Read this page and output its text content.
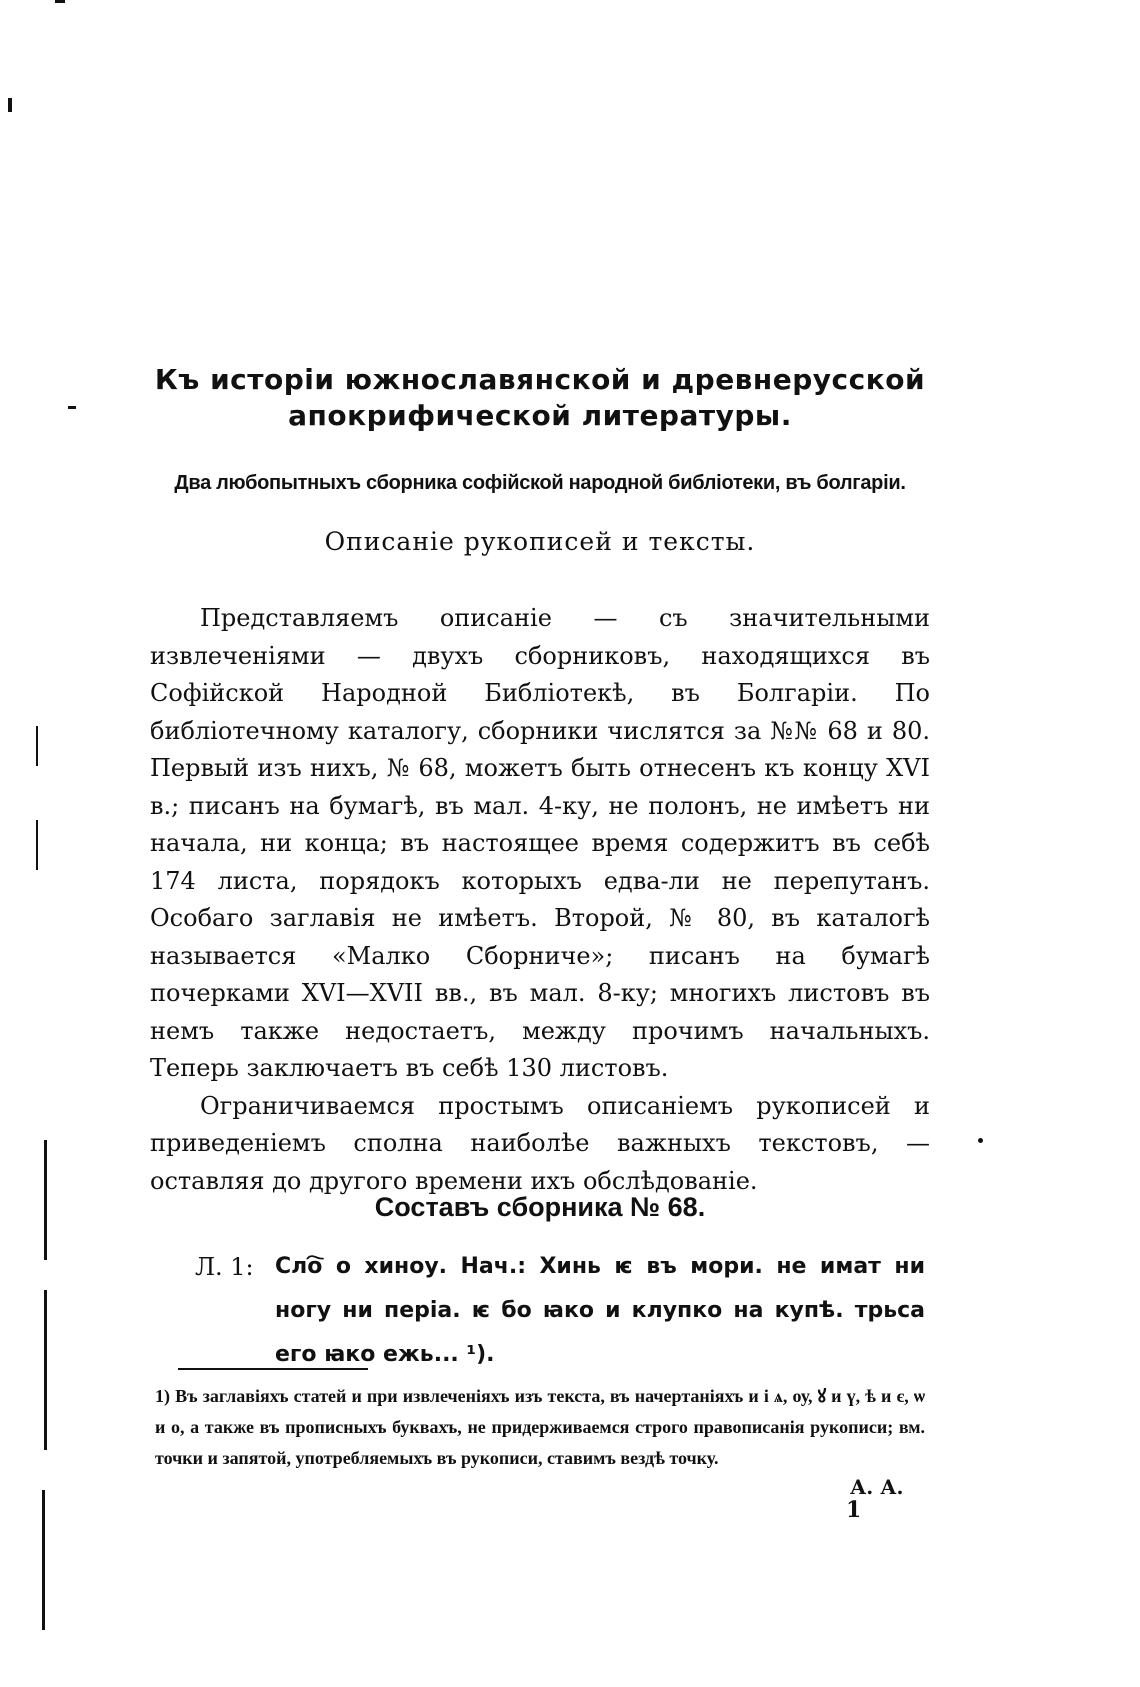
Къ исторіи южнославянской и древнерусской
апокрифической литературы.
Два любопытныхъ сборника софійской народной библіотеки, въ болгаріи.
Описаніе рукописей и тексты.

Представляемъ описаніе — съ значительными извлеченіями — двухъ сборниковъ, находящихся въ Софійской Народной Библіотекѣ, въ Болгаріи. По библіотечному каталогу, сборники числятся за №№ 68 и 80. Первый изъ нихъ, № 68, можетъ быть отнесенъ къ концу XVI в.; писанъ на бумагѣ, въ мал. 4-ку, не полонъ, не имѣетъ ни начала, ни конца; въ настоящее время содержитъ въ себѣ 174 листа, порядокъ которыхъ едва-ли не перепутанъ. Особаго заглавія не имѣетъ. Второй, № 80, въ каталогѣ называется «Малко Сборниче»; писанъ на бумагѣ почерками XVI—XVII вв., въ мал. 8-ку; многихъ листовъ въ немъ также недостаетъ, между прочимъ начальныхъ. Теперь заключаетъ въ себѣ 130 листовъ.

Ограничиваемся простымъ описаніемъ рукописей и приведеніемъ сполна наиболѣе важныхъ текстовъ, — оставляя до другого времени ихъ обслѣдованіе.

Составъ сборника № 68.
Л. 1: Сло҇ о хиноу. Нач.: Хинь ѥ въ мори. не имат ни ногу ни періа. ѥ бо ꙗко и клупко на купѣ. трьса его ꙗко ежь... ¹).
1) Въ заглавіяхъ статей и при извлеченіяхъ изъ текста, въ начертаніяхъ и і ѧ, оу, ꙋ и ү, ѣ и є, ѡ и о, а также въ прописныхъ буквахъ, не придерживаемся строго правописанія рукописи; вм. точки и запятой, употребляемыхъ въ рукописи, ставимъ вездѣ точку.
А. А.
1
